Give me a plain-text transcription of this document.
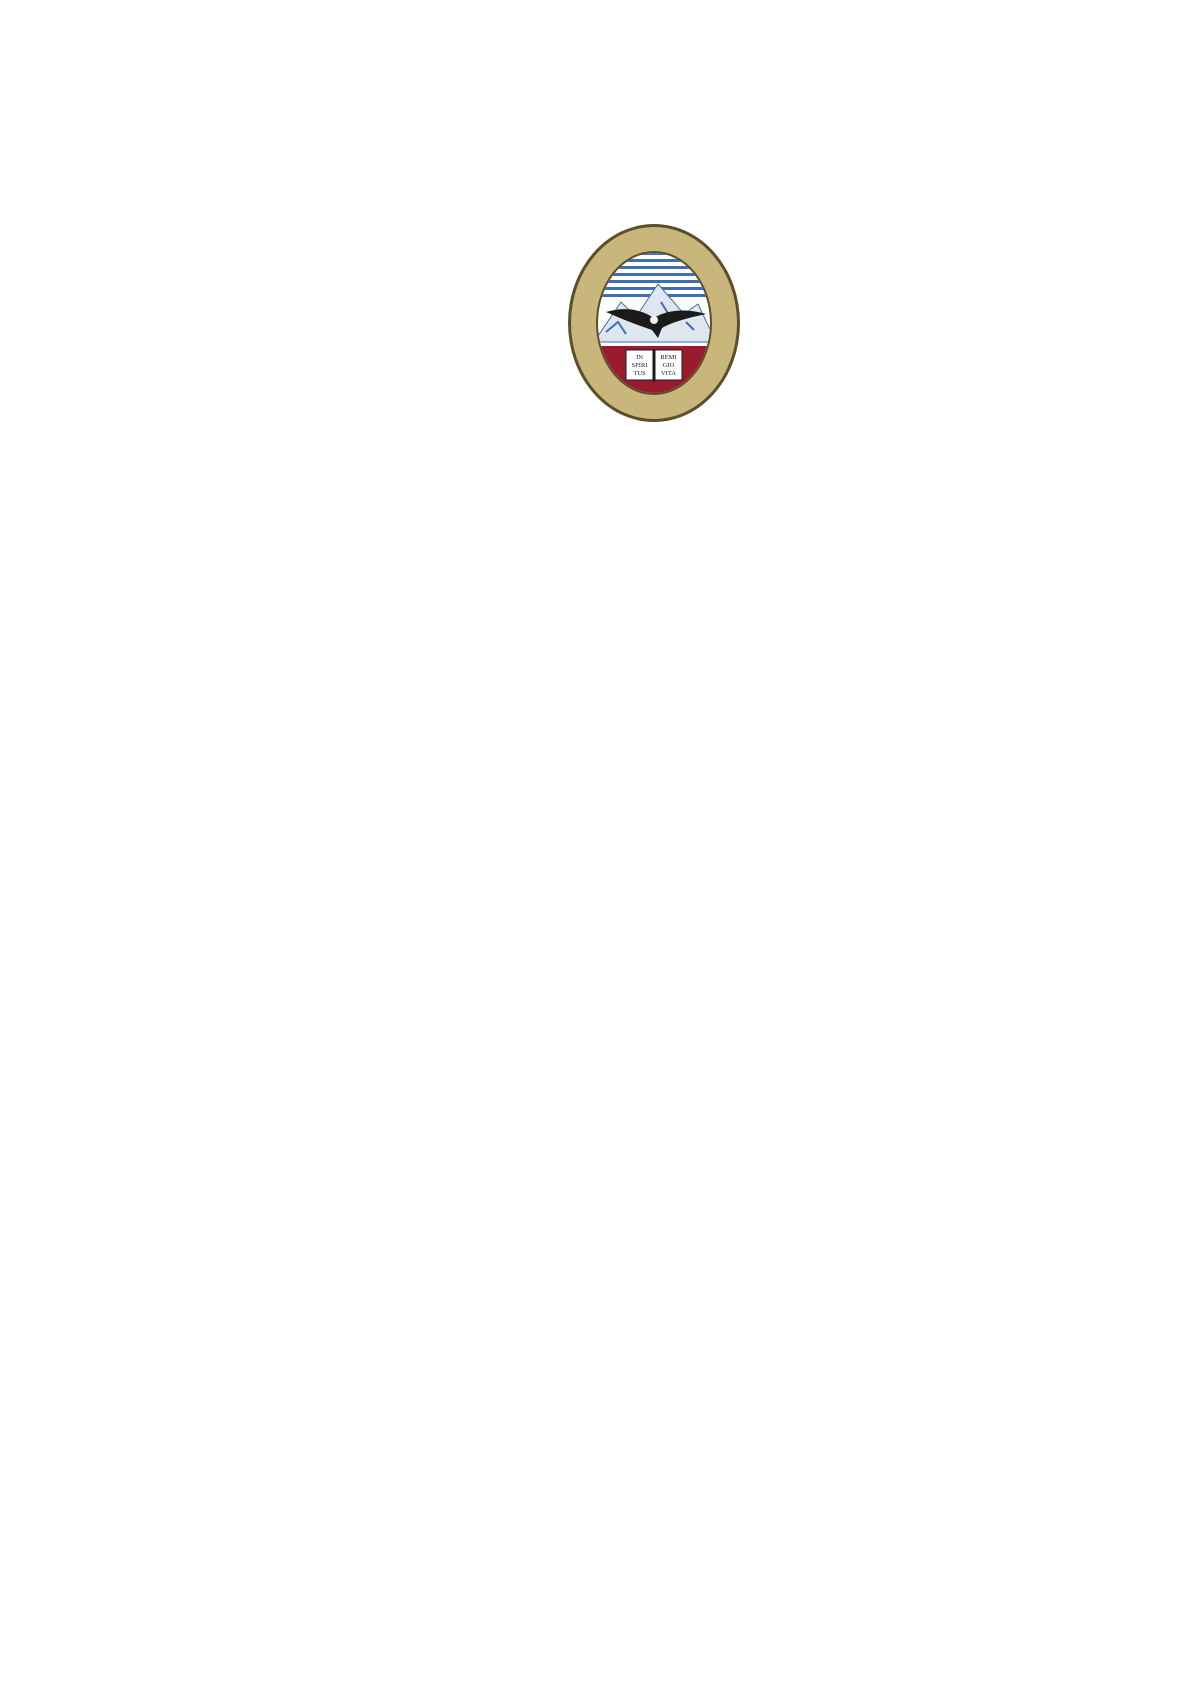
IN
SPIRI
TUS
REMI
GIO
VITA
